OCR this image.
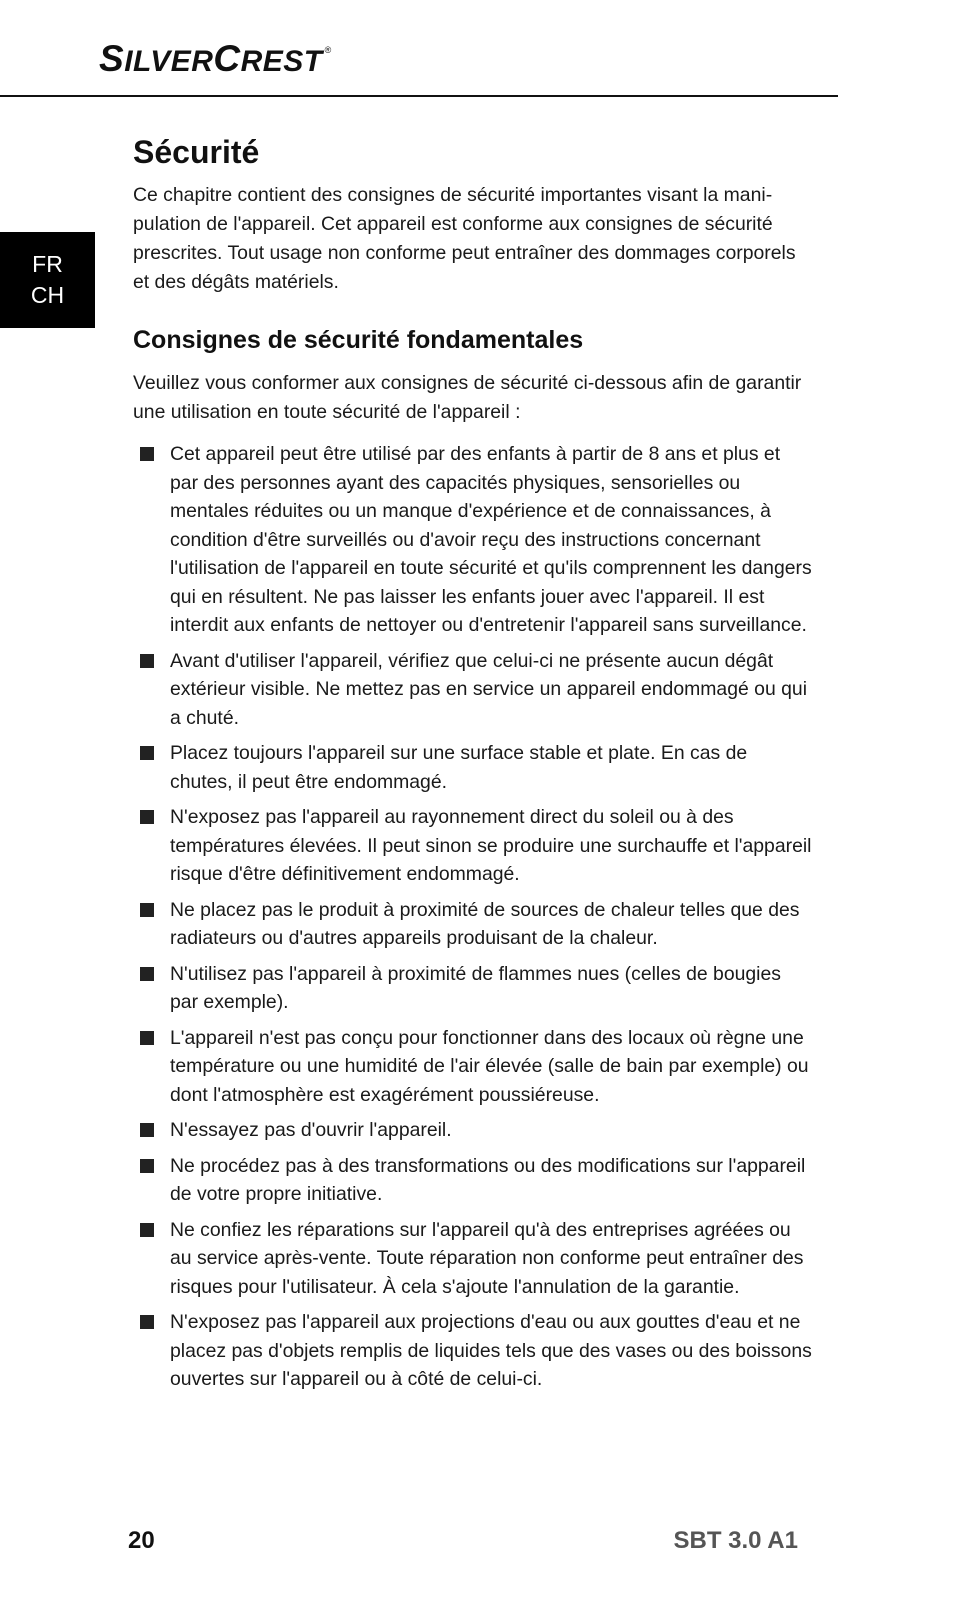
SILVERCREST ®
FR
CH
Sécurité

Ce chapitre contient des consignes de sécurité importantes visant la manipulation de l'appareil. Cet appareil est conforme aux consignes de sécurité prescrites. Tout usage non conforme peut entraîner des dommages corporels et des dégâts matériels.

Consignes de sécurité fondamentales

Veuillez vous conformer aux consignes de sécurité ci-dessous afin de garantir une utilisation en toute sécurité de l'appareil :

Cet appareil peut être utilisé par des enfants à partir de 8 ans et plus et par des personnes ayant des capacités physiques, sensorielles ou mentales réduites ou un manque d'expérience et de connaissances, à condition d'être surveillés ou d'avoir reçu des instructions concernant l'utilisation de l'appareil en toute sécurité et qu'ils comprennent les dangers qui en résultent. Ne pas laisser les enfants jouer avec l'appareil. Il est interdit aux enfants de nettoyer ou d'entretenir l'appareil sans surveillance.
Avant d'utiliser l'appareil, vérifiez que celui-ci ne présente aucun dégât extérieur visible. Ne mettez pas en service un appareil endommagé ou qui a chuté.
Placez toujours l'appareil sur une surface stable et plate. En cas de chutes, il peut être endommagé.
N'exposez pas l'appareil au rayonnement direct du soleil ou à des températures élevées. Il peut sinon se produire une surchauffe et l'appareil risque d'être définitivement endommagé.
Ne placez pas le produit à proximité de sources de chaleur telles que des radiateurs ou d'autres appareils produisant de la chaleur.
N'utilisez pas l'appareil à proximité de flammes nues (celles de bougies par exemple).
L'appareil n'est pas conçu pour fonctionner dans des locaux où règne une température ou une humidité de l'air élevée (salle de bain par exemple) ou dont l'atmosphère est exagérément poussiéreuse.
N'essayez pas d'ouvrir l'appareil.
Ne procédez pas à des transformations ou des modifications sur l'appareil de votre propre initiative.
Ne confiez les réparations sur l'appareil qu'à des entreprises agréées ou au service après-vente. Toute réparation non conforme peut entraîner des risques pour l'utilisateur. À cela s'ajoute l'annulation de la garantie.
N'exposez pas l'appareil aux projections d'eau ou aux gouttes d'eau et ne placez pas d'objets remplis de liquides tels que des vases ou des boissons ouvertes sur l'appareil ou à côté de celui-ci.
20	SBT 3.0 A1
